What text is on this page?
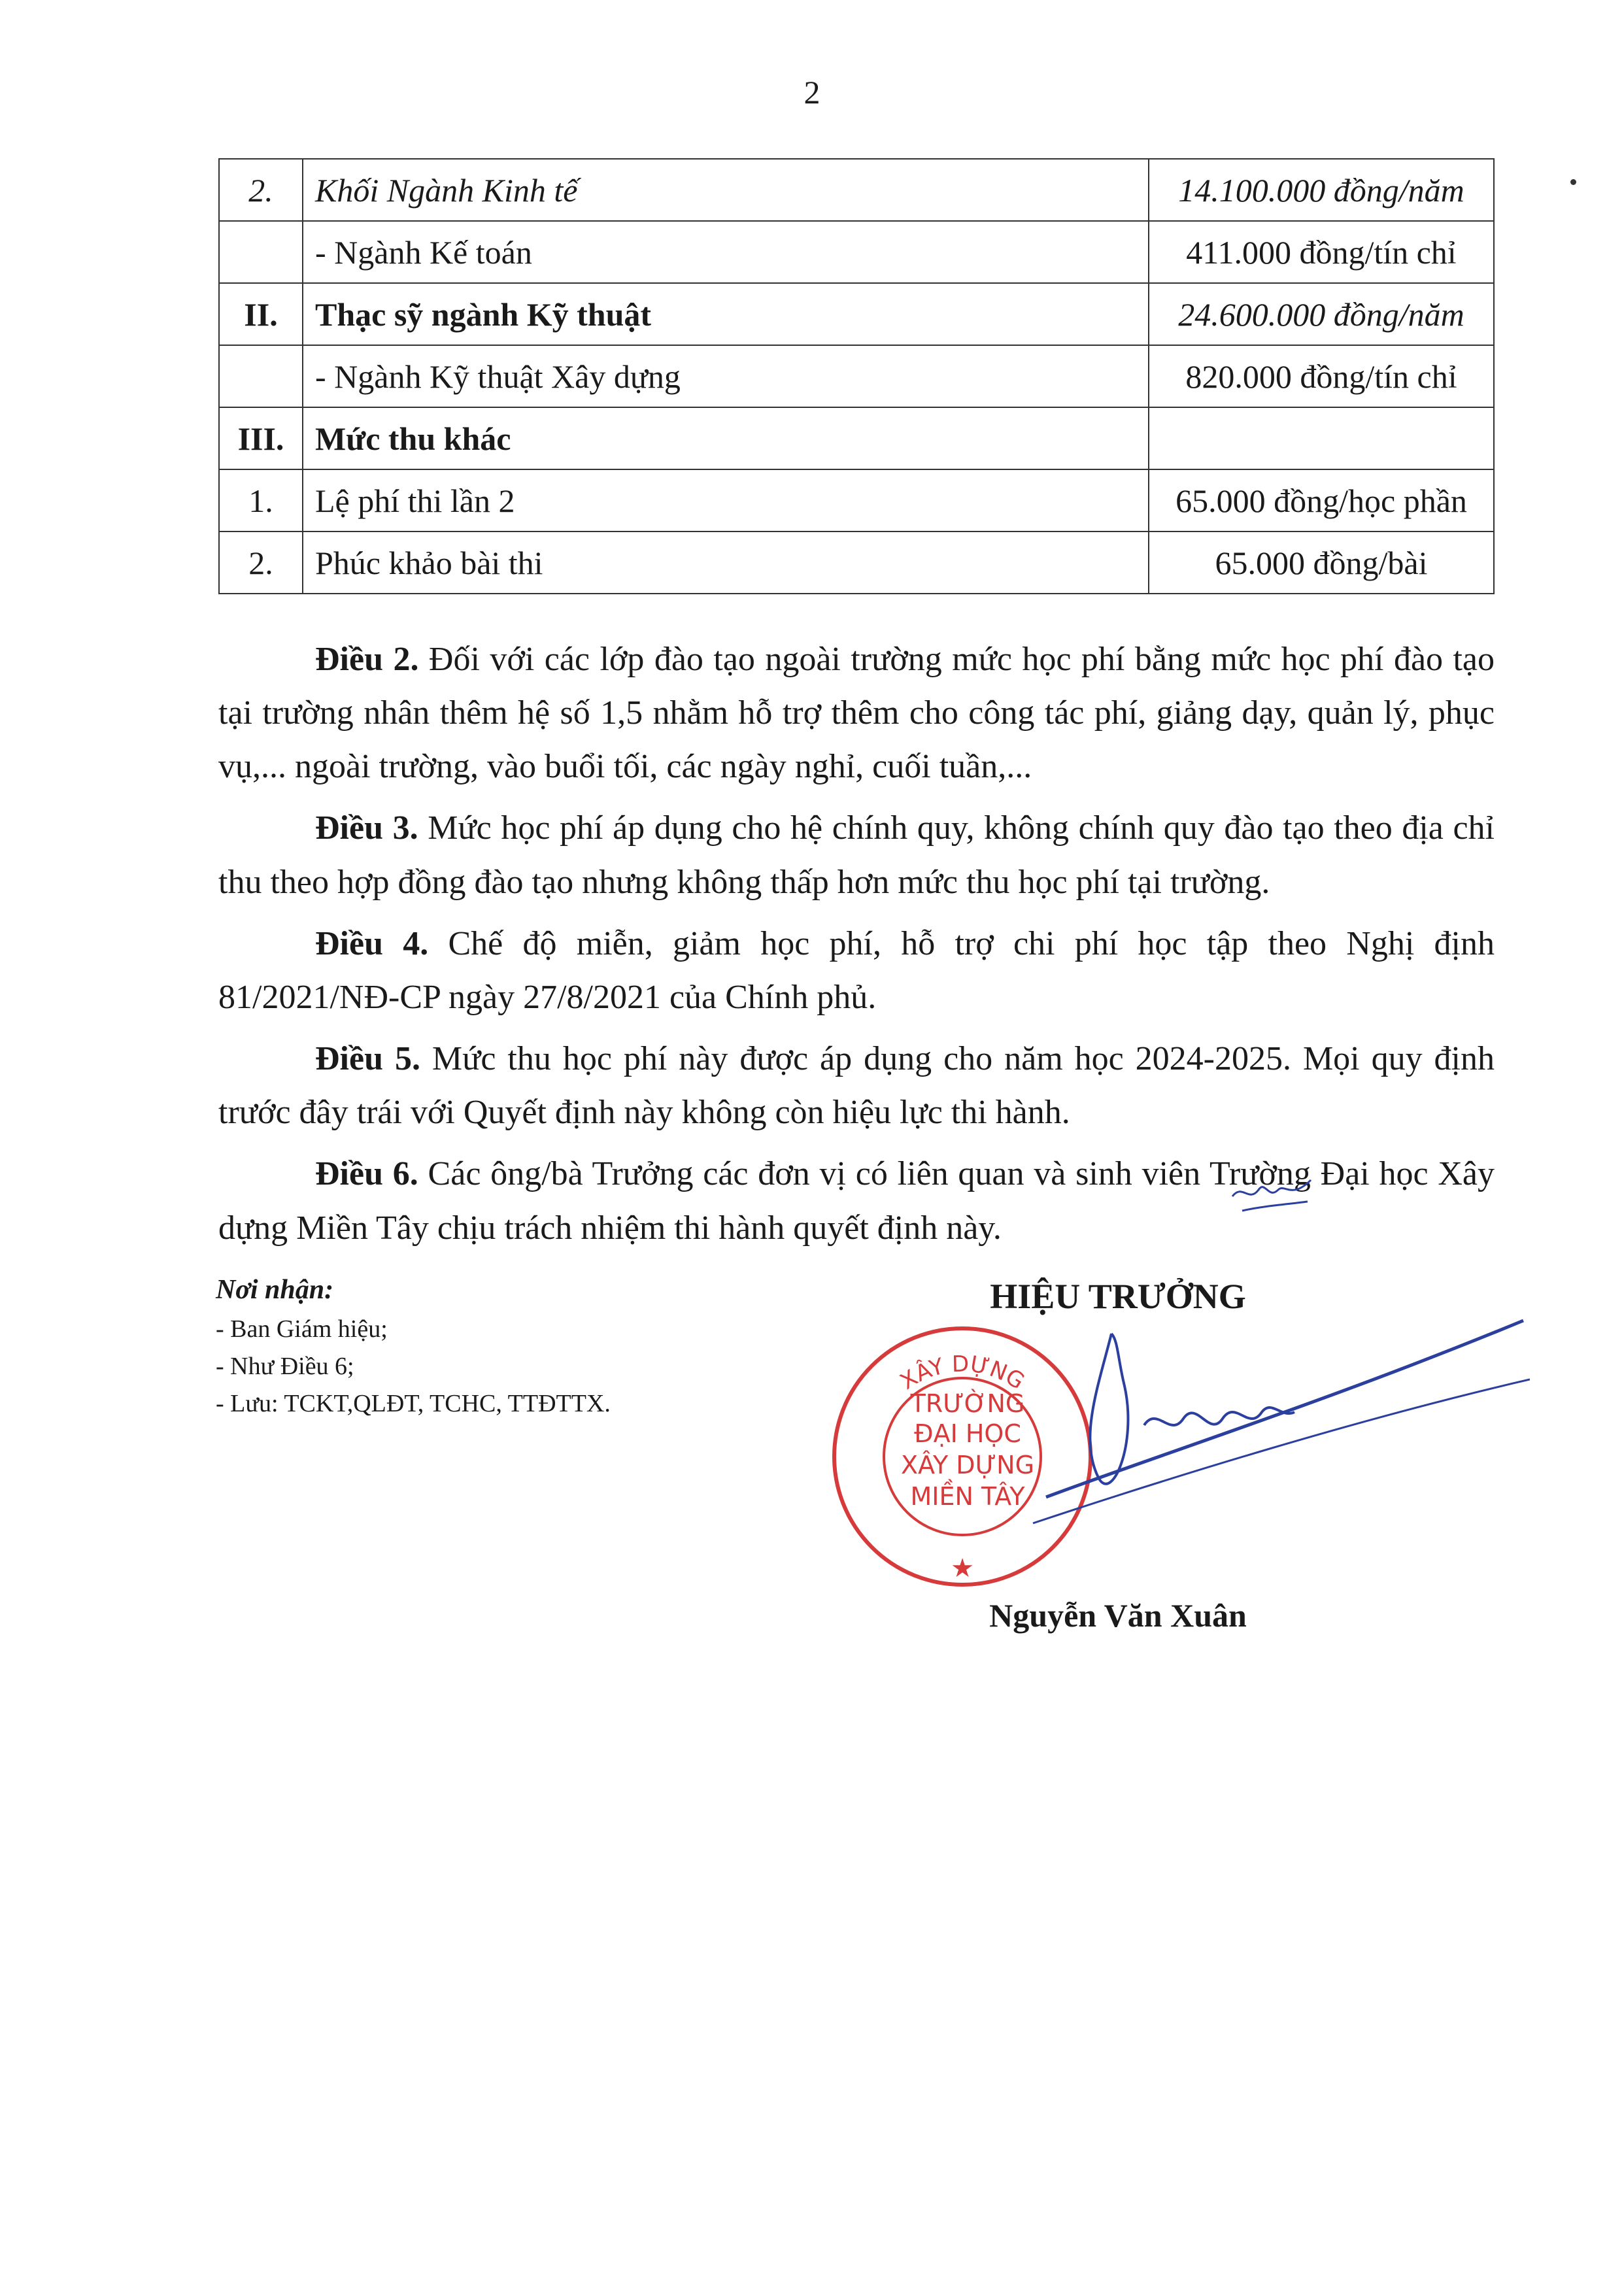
2
2.	Khối Ngành Kinh tế	14.100.000 đồng/năm
	- Ngành Kế toán	411.000 đồng/tín chỉ
II.	Thạc sỹ ngành Kỹ thuật	24.600.000 đồng/năm
	- Ngành Kỹ thuật Xây dựng	820.000 đồng/tín chỉ
III.	Mức thu khác	
1.	Lệ phí thi lần 2	65.000 đồng/học phần
2.	Phúc khảo bài thi	65.000 đồng/bài

Điều 2. Đối với các lớp đào tạo ngoài trường mức học phí bằng mức học phí đào tạo tại trường nhân thêm hệ số 1,5 nhằm hỗ trợ thêm cho công tác phí, giảng dạy, quản lý, phục vụ,... ngoài trường, vào buổi tối, các ngày nghỉ, cuối tuần,...

Điều 3. Mức học phí áp dụng cho hệ chính quy, không chính quy đào tạo theo địa chỉ thu theo hợp đồng đào tạo nhưng không thấp hơn mức thu học phí tại trường.

Điều 4. Chế độ miễn, giảm học phí, hỗ trợ chi phí học tập theo Nghị định 81/2021/NĐ-CP ngày 27/8/2021 của Chính phủ.

Điều 5. Mức thu học phí này được áp dụng cho năm học 2024-2025. Mọi quy định trước đây trái với Quyết định này không còn hiệu lực thi hành.

Điều 6. Các ông/bà Trưởng các đơn vị có liên quan và sinh viên Trường Đại học Xây dựng Miền Tây chịu trách nhiệm thi hành quyết định này.

Nơi nhận:
- Ban Giám hiệu;
- Như Điều 6;
- Lưu: TCKT,QLĐT, TCHC, TTĐTTX.
HIỆU TRƯỞNG
XÂY DỰNG
TRƯỜNG
ĐẠI HỌC
XÂY DỰNG
MIỀN TÂY
★
Nguyễn Văn Xuân
